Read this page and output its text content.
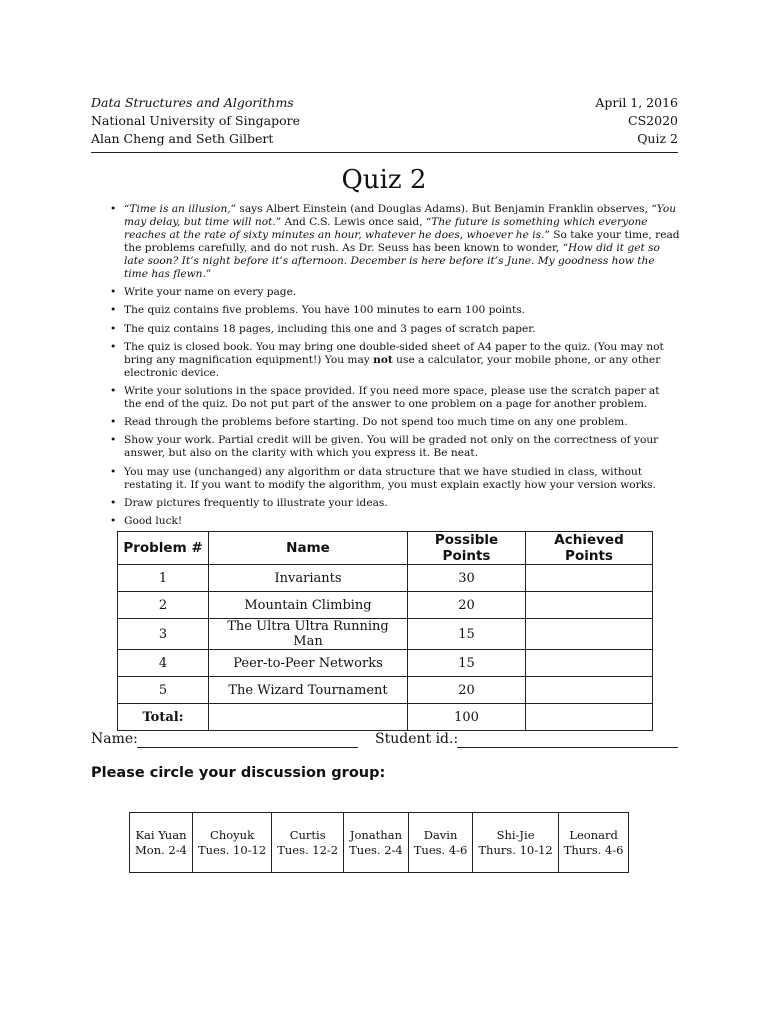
Data Structures and Algorithms
National University of Singapore
Alan Cheng and Seth Gilbert
April 1, 2016
CS2020
Quiz 2
Quiz 2
• “Time is an illusion,” says Albert Einstein (and Douglas Adams). But Benjamin Franklin observes, “You may delay, but time will not.” And C.S. Lewis once said, “The future is something which everyone reaches at the rate of sixty minutes an hour, whatever he does, whoever he is.” So take your time, read the problems carefully, and do not rush. As Dr. Seuss has been known to wonder, “How did it get so late soon? It’s night before it’s afternoon. December is here before it’s June. My goodness how the time has flewn.”
• Write your name on every page.
• The quiz contains five problems. You have 100 minutes to earn 100 points.
• The quiz contains 18 pages, including this one and 3 pages of scratch paper.
• The quiz is closed book. You may bring one double-sided sheet of A4 paper to the quiz. (You may not bring any magnification equipment!) You may not use a calculator, your mobile phone, or any other electronic device.
• Write your solutions in the space provided. If you need more space, please use the scratch paper at the end of the quiz. Do not put part of the answer to one problem on a page for another problem.
• Read through the problems before starting. Do not spend too much time on any one problem.
• Show your work. Partial credit will be given. You will be graded not only on the correctness of your answer, but also on the clarity with which you express it. Be neat.
• You may use (unchanged) any algorithm or data structure that we have studied in class, without restating it. If you want to modify the algorithm, you must explain exactly how your version works.
• Draw pictures frequently to illustrate your ideas.
• Good luck!
Problem #	Name	Possible Points	Achieved Points
1	Invariants	30	
2	Mountain Climbing	20	
3	The Ultra Ultra Running Man	15	
4	Peer-to-Peer Networks	15	
5	The Wizard Tournament	20	
Total:		100	
Name:	Student id.:
Please circle your discussion group:
Kai Yuan
Mon. 2-4

Choyuk
Tues. 10-12

Curtis
Tues. 12-2

Jonathan
Tues. 2-4

Davin
Tues. 4-6

Shi-Jie
Thurs. 10-12

Leonard
Thurs. 4-6
